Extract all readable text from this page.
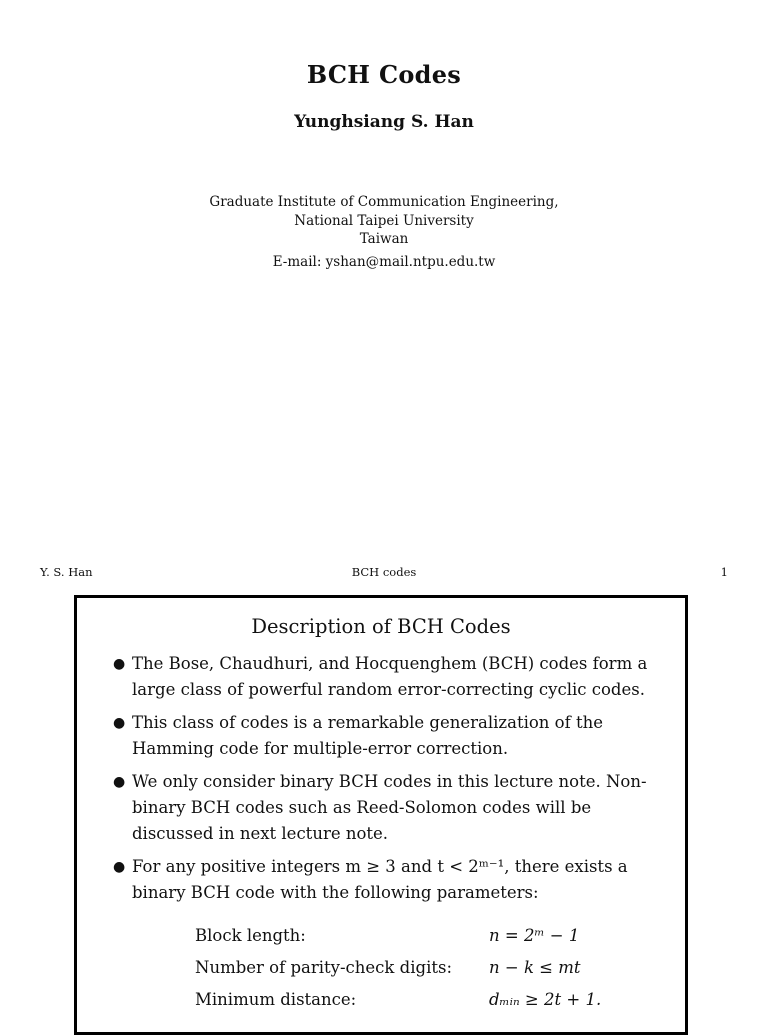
BCH Codes
Yunghsiang S. Han
Graduate Institute of Communication Engineering,
National Taipei University
Taiwan
E-mail: yshan@mail.ntpu.edu.tw
Y. S. Han	BCH codes	1
Description of BCH Codes
● The Bose, Chaudhuri, and Hocquenghem (BCH) codes form a large class of powerful random error-correcting cyclic codes.
● This class of codes is a remarkable generalization of the Hamming code for multiple-error correction.
● We only consider binary BCH codes in this lecture note. Non-binary BCH codes such as Reed-Solomon codes will be discussed in next lecture note.
● For any positive integers m ≥ 3 and t < 2ᵐ⁻¹, there exists a binary BCH code with the following parameters:
Block length:	n = 2ᵐ − 1
Number of parity-check digits: n − k ≤ mt
Minimum distance:	dₘᵢₙ ≥ 2t + 1.
